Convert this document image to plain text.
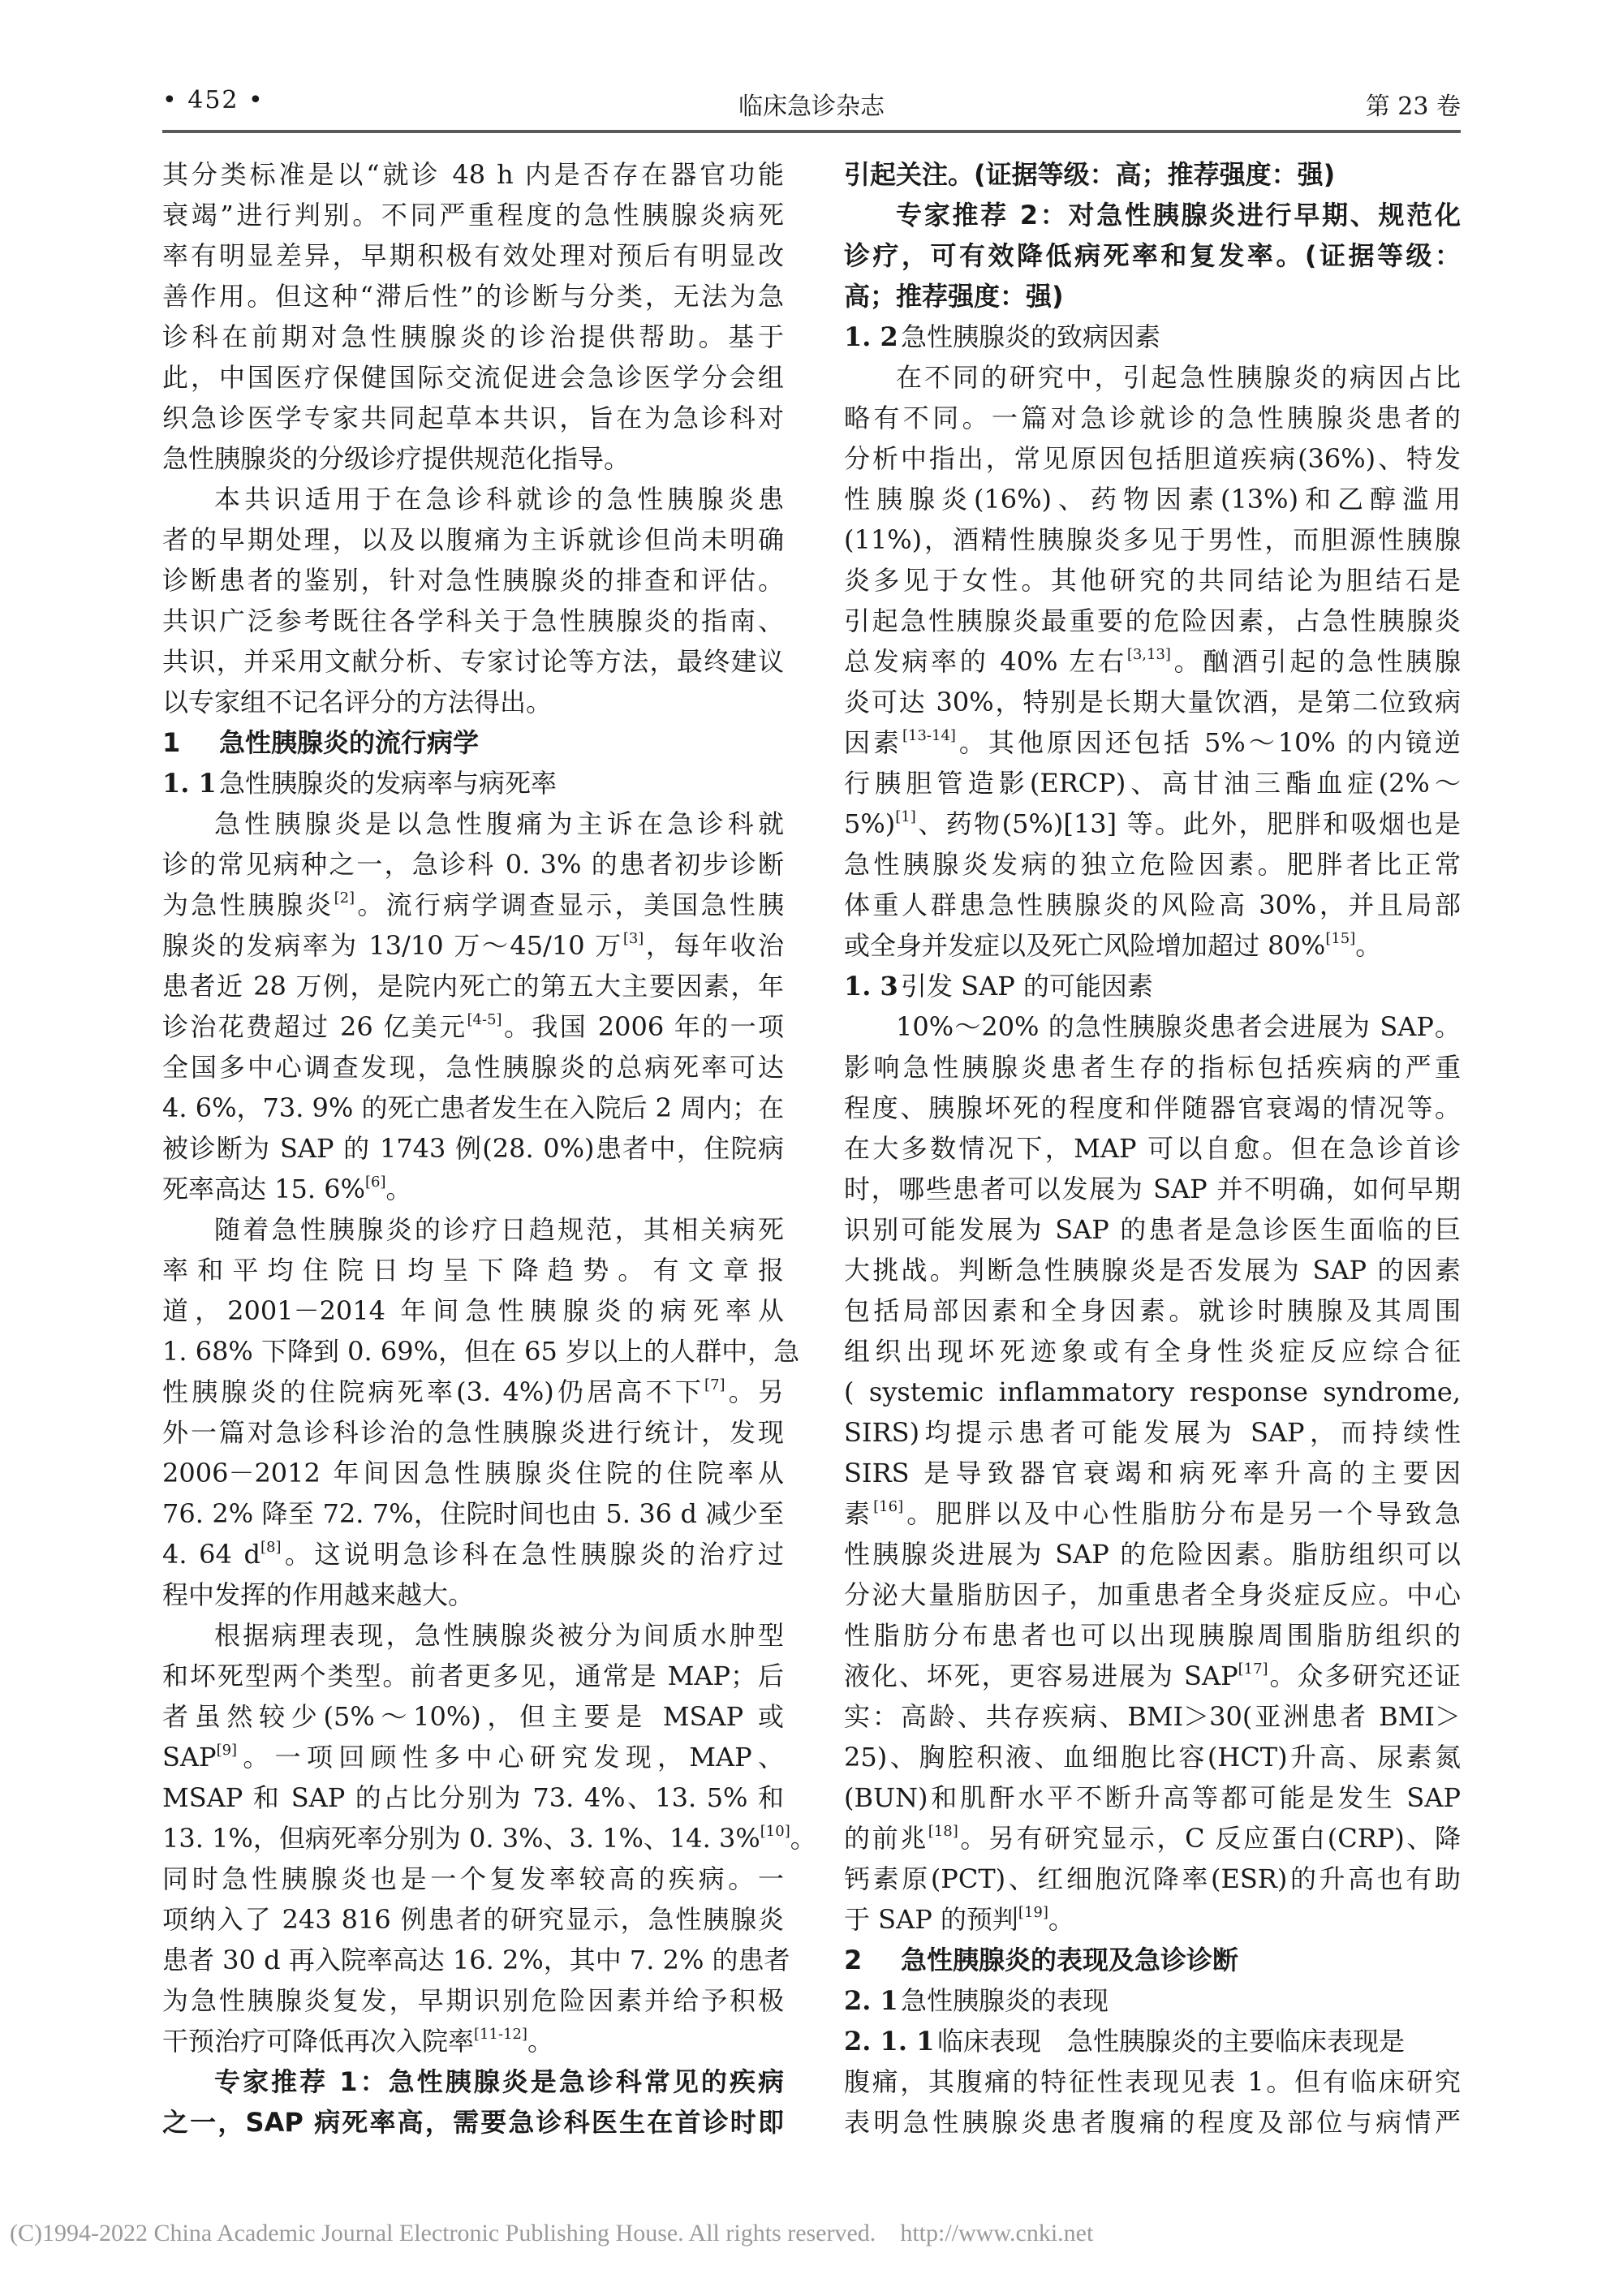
• 452 •	临床急诊杂志	第 23 卷
其分类标准是以“就诊 48 h 内是否存在器官功能
衰竭”进行判别。不同严重程度的急性胰腺炎病死
率有明显差异，早期积极有效处理对预后有明显改
善作用。但这种“滞后性”的诊断与分类，无法为急
诊科在前期对急性胰腺炎的诊治提供帮助。基于
此，中国医疗保健国际交流促进会急诊医学分会组
织急诊医学专家共同起草本共识，旨在为急诊科对
急性胰腺炎的分级诊疗提供规范化指导。
本共识适用于在急诊科就诊的急性胰腺炎患
者的早期处理，以及以腹痛为主诉就诊但尚未明确
诊断患者的鉴别，针对急性胰腺炎的排查和评估。
共识广泛参考既往各学科关于急性胰腺炎的指南、
共识，并采用文献分析、专家讨论等方法，最终建议
以专家组不记名评分的方法得出。
1 急性胰腺炎的流行病学
1. 1急性胰腺炎的发病率与病死率
急性胰腺炎是以急性腹痛为主诉在急诊科就
诊的常见病种之一，急诊科 0. 3% 的患者初步诊断
为急性胰腺炎[2]。流行病学调查显示，美国急性胰
腺炎的发病率为 13/10 万～45/10 万[3]，每年收治
患者近 28 万例，是院内死亡的第五大主要因素，年
诊治花费超过 26 亿美元[4-5]。我国 2006 年的一项
全国多中心调查发现，急性胰腺炎的总病死率可达
4. 6%，73. 9% 的死亡患者发生在入院后 2 周内；在
被诊断为 SAP 的 1743 例(28. 0%)患者中，住院病
死率高达 15. 6%[6]。
随着急性胰腺炎的诊疗日趋规范，其相关病死
率和平均住院日均呈下降趋势。有文章报
道，2001－2014 年间急性胰腺炎的病死率从
1. 68% 下降到 0. 69%，但在 65 岁以上的人群中，急
性胰腺炎的住院病死率(3. 4%)仍居高不下[7]。另
外一篇对急诊科诊治的急性胰腺炎进行统计，发现
2006－2012 年间因急性胰腺炎住院的住院率从
76. 2% 降至 72. 7%，住院时间也由 5. 36 d 减少至
4. 64 d[8]。这说明急诊科在急性胰腺炎的治疗过
程中发挥的作用越来越大。
根据病理表现，急性胰腺炎被分为间质水肿型
和坏死型两个类型。前者更多见，通常是 MAP；后
者虽然较少(5%～10%)，但主要是 MSAP 或
SAP[9]。一项回顾性多中心研究发现，MAP、
MSAP 和 SAP 的占比分别为 73. 4%、13. 5% 和
13. 1%，但病死率分别为 0. 3%、3. 1%、14. 3%[10]。
同时急性胰腺炎也是一个复发率较高的疾病。一
项纳入了 243 816 例患者的研究显示，急性胰腺炎
患者 30 d 再入院率高达 16. 2%，其中 7. 2% 的患者
为急性胰腺炎复发，早期识别危险因素并给予积极
干预治疗可降低再次入院率[11-12]。
专家推荐 1：急性胰腺炎是急诊科常见的疾病
之一，SAP 病死率高，需要急诊科医生在首诊时即
引起关注。(证据等级：高；推荐强度：强)
专家推荐 2：对急性胰腺炎进行早期、规范化
诊疗，可有效降低病死率和复发率。(证据等级：
高；推荐强度：强)
1. 2急性胰腺炎的致病因素
在不同的研究中，引起急性胰腺炎的病因占比
略有不同。一篇对急诊就诊的急性胰腺炎患者的
分析中指出，常见原因包括胆道疾病(36%)、特发
性胰腺炎(16%)、药物因素(13%)和乙醇滥用
(11%)，酒精性胰腺炎多见于男性，而胆源性胰腺
炎多见于女性。其他研究的共同结论为胆结石是
引起急性胰腺炎最重要的危险因素，占急性胰腺炎
总发病率的 40% 左右[3,13]。酗酒引起的急性胰腺
炎可达 30%，特别是长期大量饮酒，是第二位致病
因素[13-14]。其他原因还包括 5%～10% 的内镜逆
行胰胆管造影(ERCP)、高甘油三酯血症(2%～
5%)[1]、药物(5%)[13] 等。此外，肥胖和吸烟也是
急性胰腺炎发病的独立危险因素。肥胖者比正常
体重人群患急性胰腺炎的风险高 30%，并且局部
或全身并发症以及死亡风险增加超过 80%[15]。
1. 3引发 SAP 的可能因素
10%～20% 的急性胰腺炎患者会进展为 SAP。
影响急性胰腺炎患者生存的指标包括疾病的严重
程度、胰腺坏死的程度和伴随器官衰竭的情况等。
在大多数情况下，MAP 可以自愈。但在急诊首诊
时，哪些患者可以发展为 SAP 并不明确，如何早期
识别可能发展为 SAP 的患者是急诊医生面临的巨
大挑战。判断急性胰腺炎是否发展为 SAP 的因素
包括局部因素和全身因素。就诊时胰腺及其周围
组织出现坏死迹象或有全身性炎症反应综合征
( systemic inflammatory response syndrome,
SIRS)均提示患者可能发展为 SAP，而持续性
SIRS 是导致器官衰竭和病死率升高的主要因
素[16]。肥胖以及中心性脂肪分布是另一个导致急
性胰腺炎进展为 SAP 的危险因素。脂肪组织可以
分泌大量脂肪因子，加重患者全身炎症反应。中心
性脂肪分布患者也可以出现胰腺周围脂肪组织的
液化、坏死，更容易进展为 SAP[17]。众多研究还证
实：高龄、共存疾病、BMI＞30(亚洲患者 BMI＞
25)、胸腔积液、血细胞比容(HCT)升高、尿素氮
(BUN)和肌酐水平不断升高等都可能是发生 SAP
的前兆[18]。另有研究显示，C 反应蛋白(CRP)、降
钙素原(PCT)、红细胞沉降率(ESR)的升高也有助
于 SAP 的预判[19]。
2 急性胰腺炎的表现及急诊诊断
2. 1急性胰腺炎的表现
2. 1. 1 临床表现　急性胰腺炎的主要临床表现是
腹痛，其腹痛的特征性表现见表 1。但有临床研究
表明急性胰腺炎患者腹痛的程度及部位与病情严
(C)1994-2022 China Academic Journal Electronic Publishing House. All rights reserved. http://www.cnki.net
